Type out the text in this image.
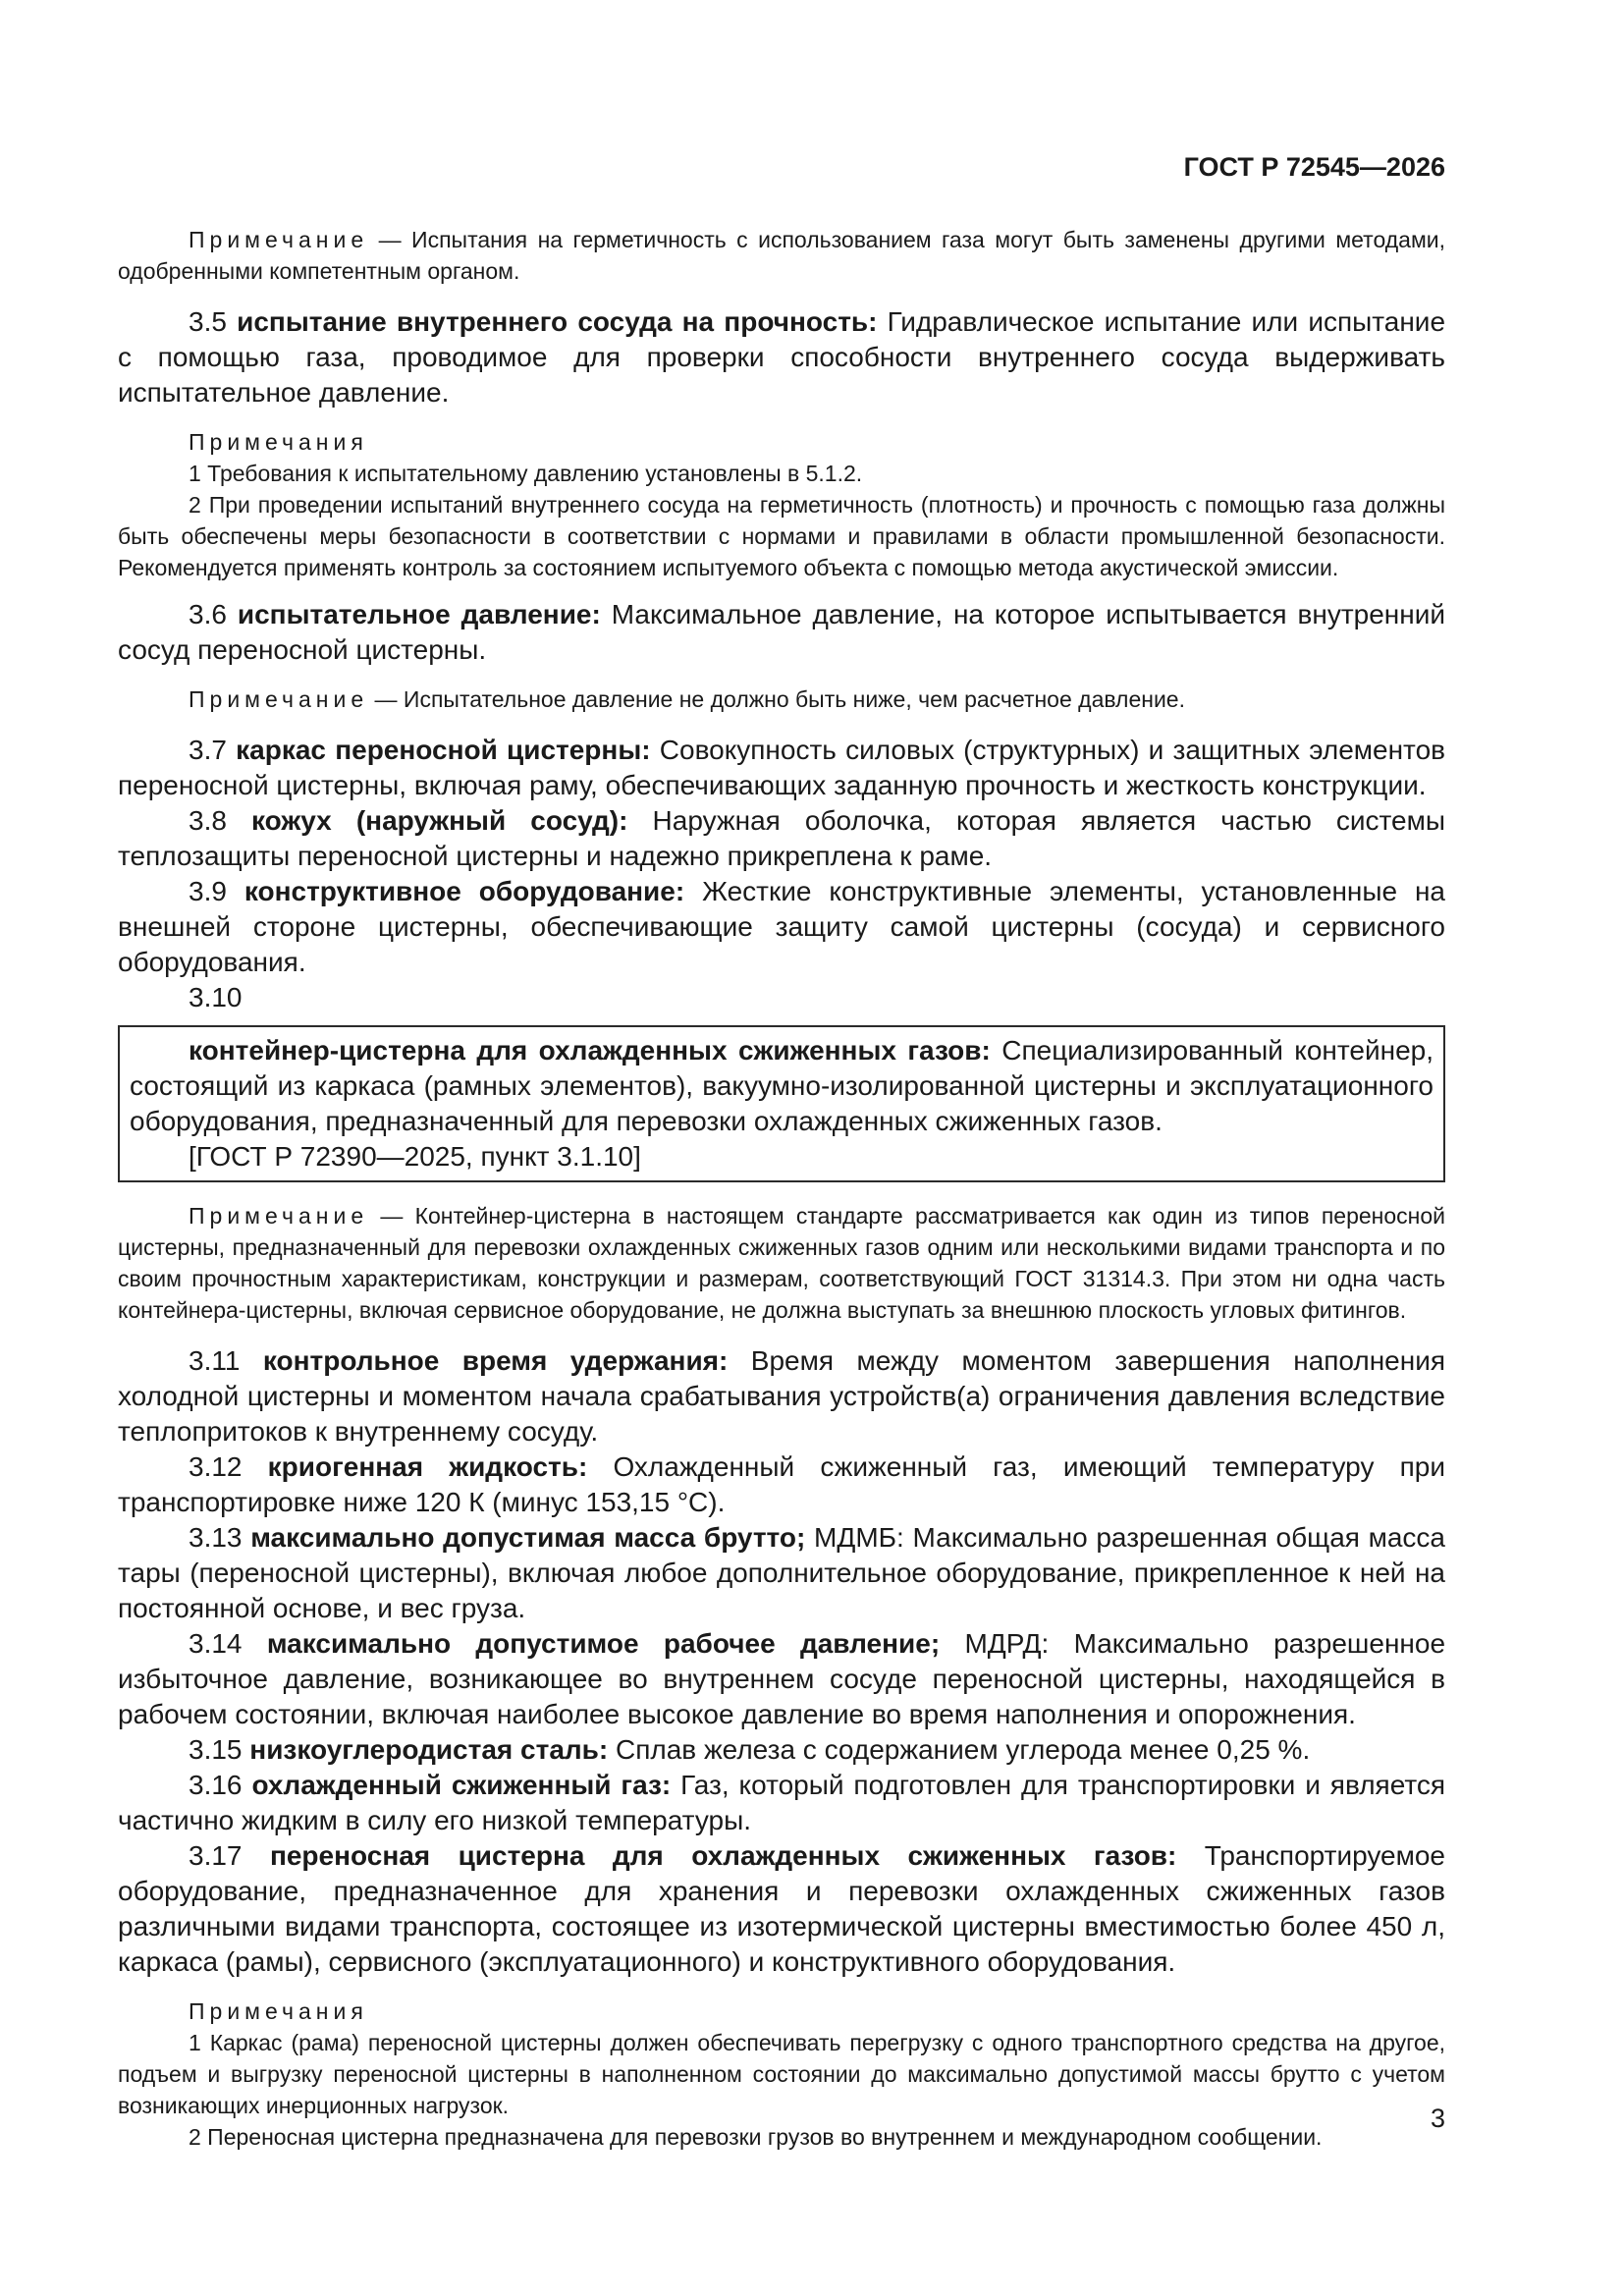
ГОСТ Р 72545—2026

Примечание — Испытания на герметичность с использованием газа могут быть заменены другими методами, одобренными компетентным органом.

3.5 испытание внутреннего сосуда на прочность: Гидравлическое испытание или испытание с помощью газа, проводимое для проверки способности внутреннего сосуда выдерживать испытательное давление.

Примечания

1 Требования к испытательному давлению установлены в 5.1.2.

2 При проведении испытаний внутреннего сосуда на герметичность (плотность) и прочность с помощью газа должны быть обеспечены меры безопасности в соответствии с нормами и правилами в области промышленной безопасности. Рекомендуется применять контроль за состоянием испытуемого объекта с помощью метода акустической эмиссии.

3.6 испытательное давление: Максимальное давление, на которое испытывается внутренний сосуд переносной цистерны.

Примечание — Испытательное давление не должно быть ниже, чем расчетное давление.

3.7 каркас переносной цистерны: Совокупность силовых (структурных) и защитных элементов переносной цистерны, включая раму, обеспечивающих заданную прочность и жесткость конструкции.
3.8 кожух (наружный сосуд): Наружная оболочка, которая является частью системы теплозащиты переносной цистерны и надежно прикреплена к раме.
3.9 конструктивное оборудование: Жесткие конструктивные элементы, установленные на внешней стороне цистерны, обеспечивающие защиту самой цистерны (сосуда) и сервисного оборудования.
3.10
контейнер-цистерна для охлажденных сжиженных газов: Специализированный контейнер, состоящий из каркаса (рамных элементов), вакуумно-изолированной цистерны и эксплуатационного оборудования, предназначенный для перевозки охлажденных сжиженных газов.
[ГОСТ Р 72390—2025, пункт 3.1.10]

Примечание — Контейнер-цистерна в настоящем стандарте рассматривается как один из типов переносной цистерны, предназначенный для перевозки охлажденных сжиженных газов одним или несколькими видами транспорта и по своим прочностным характеристикам, конструкции и размерам, соответствующий ГОСТ 31314.3. При этом ни одна часть контейнера-цистерны, включая сервисное оборудование, не должна выступать за внешнюю плоскость угловых фитингов.

3.11 контрольное время удержания: Время между моментом завершения наполнения холодной цистерны и моментом начала срабатывания устройств(а) ограничения давления вследствие теплопритоков к внутреннему сосуду.
3.12 криогенная жидкость: Охлажденный сжиженный газ, имеющий температуру при транспортировке ниже 120 К (минус 153,15 °С).
3.13 максимально допустимая масса брутто; МДМБ: Максимально разрешенная общая масса тары (переносной цистерны), включая любое дополнительное оборудование, прикрепленное к ней на постоянной основе, и вес груза.
3.14 максимально допустимое рабочее давление; МДРД: Максимально разрешенное избыточное давление, возникающее во внутреннем сосуде переносной цистерны, находящейся в рабочем состоянии, включая наиболее высокое давление во время наполнения и опорожнения.
3.15 низкоуглеродистая сталь: Сплав железа с содержанием углерода менее 0,25 %.
3.16 охлажденный сжиженный газ: Газ, который подготовлен для транспортировки и является частично жидким в силу его низкой температуры.
3.17 переносная цистерна для охлажденных сжиженных газов: Транспортируемое оборудование, предназначенное для хранения и перевозки охлажденных сжиженных газов различными видами транспорта, состоящее из изотермической цистерны вместимостью более 450 л, каркаса (рамы), сервисного (эксплуатационного) и конструктивного оборудования.

Примечания

1 Каркас (рама) переносной цистерны должен обеспечивать перегрузку с одного транспортного средства на другое, подъем и выгрузку переносной цистерны в наполненном состоянии до максимально допустимой массы брутто с учетом возникающих инерционных нагрузок.

2 Переносная цистерна предназначена для перевозки грузов во внутреннем и международном сообщении.

3
